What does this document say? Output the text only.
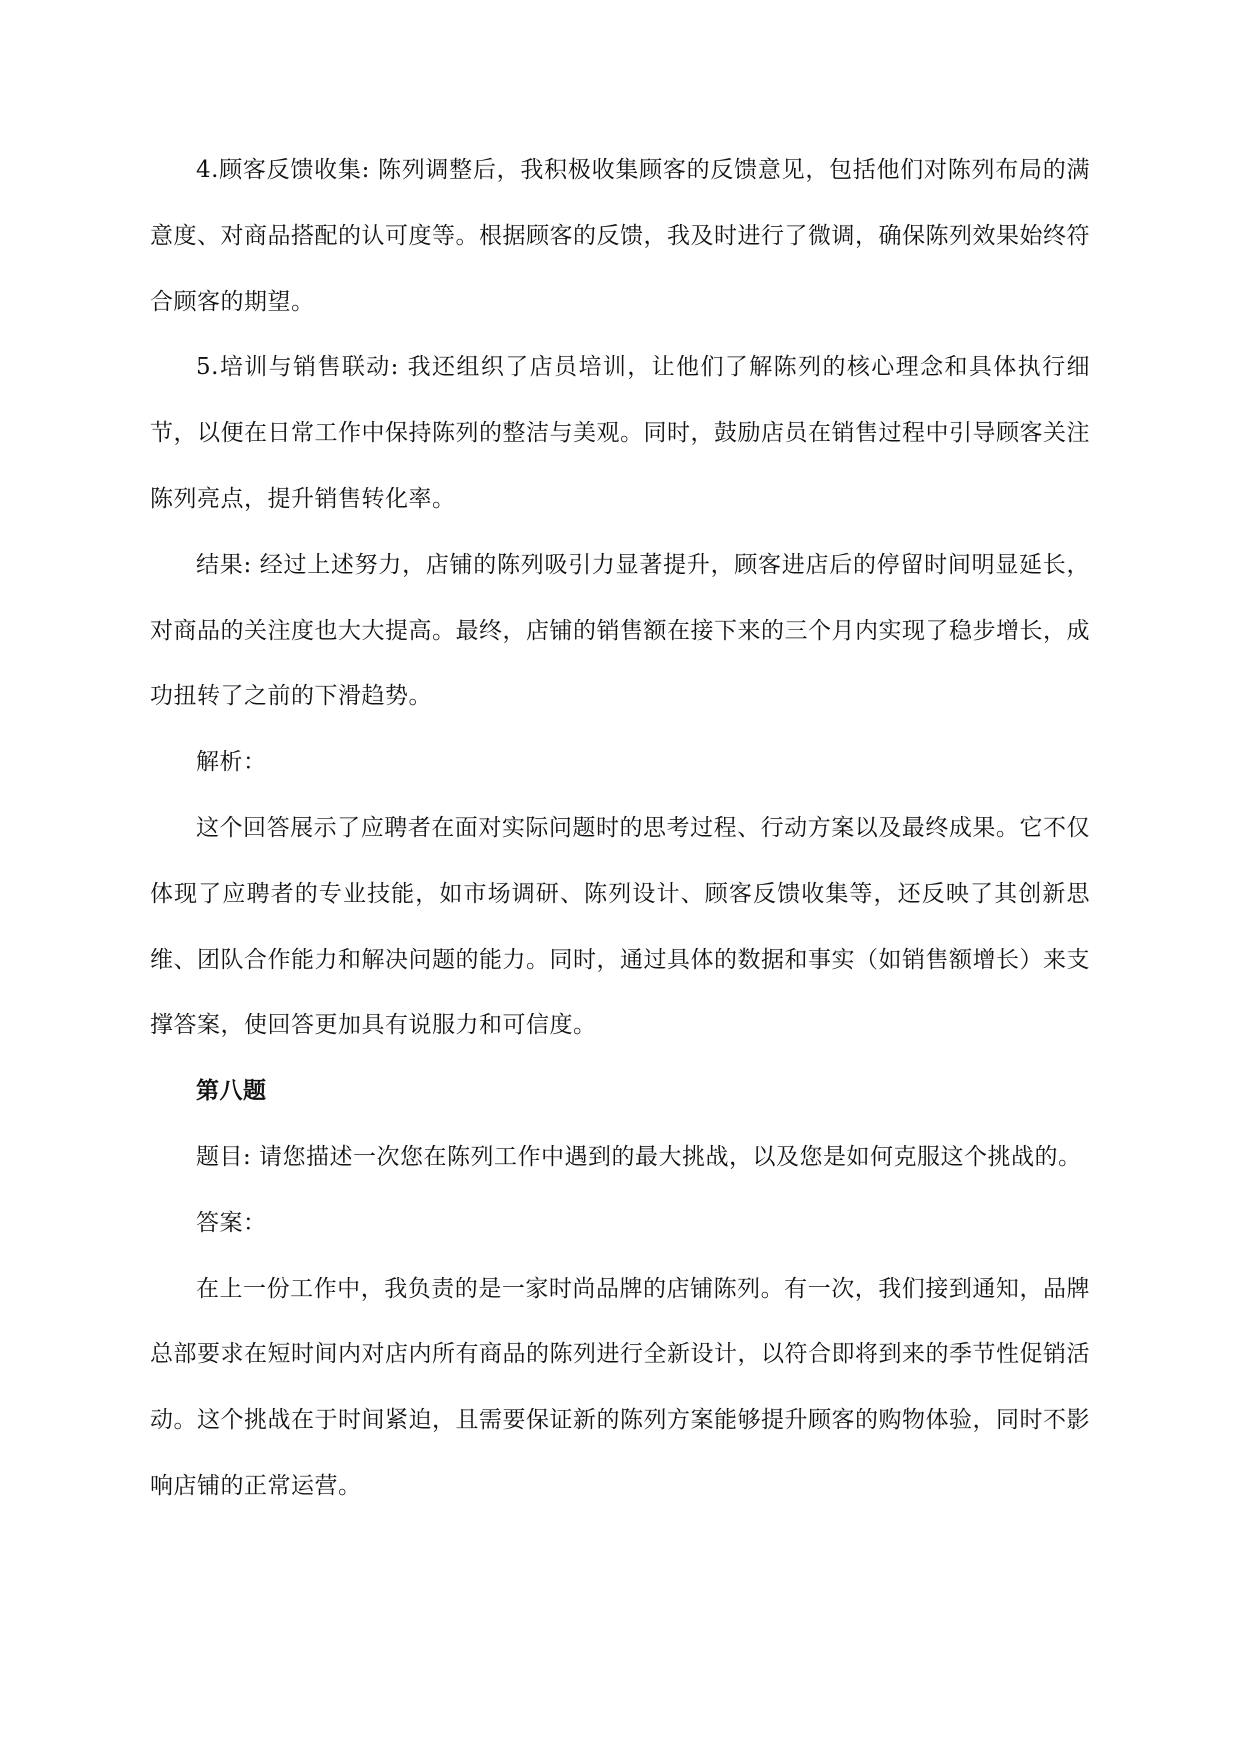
4.顾客反馈收集: 陈列调整后，我积极收集顾客的反馈意见，包括他们对陈列布局的满意度、对商品搭配的认可度等。根据顾客的反馈，我及时进行了微调，确保陈列效果始终符合顾客的期望。

5.培训与销售联动: 我还组织了店员培训，让他们了解陈列的核心理念和具体执行细节，以便在日常工作中保持陈列的整洁与美观。同时，鼓励店员在销售过程中引导顾客关注陈列亮点，提升销售转化率。

结果: 经过上述努力，店铺的陈列吸引力显著提升，顾客进店后的停留时间明显延长，对商品的关注度也大大提高。最终，店铺的销售额在接下来的三个月内实现了稳步增长，成功扭转了之前的下滑趋势。

解析：

这个回答展示了应聘者在面对实际问题时的思考过程、行动方案以及最终成果。它不仅体现了应聘者的专业技能，如市场调研、陈列设计、顾客反馈收集等，还反映了其创新思维、团队合作能力和解决问题的能力。同时，通过具体的数据和事实（如销售额增长）来支撑答案，使回答更加具有说服力和可信度。

第八题

题目: 请您描述一次您在陈列工作中遇到的最大挑战，以及您是如何克服这个挑战的。

答案：

在上一份工作中，我负责的是一家时尚品牌的店铺陈列。有一次，我们接到通知，品牌总部要求在短时间内对店内所有商品的陈列进行全新设计，以符合即将到来的季节性促销活动。这个挑战在于时间紧迫，且需要保证新的陈列方案能够提升顾客的购物体验，同时不影响店铺的正常运营。
